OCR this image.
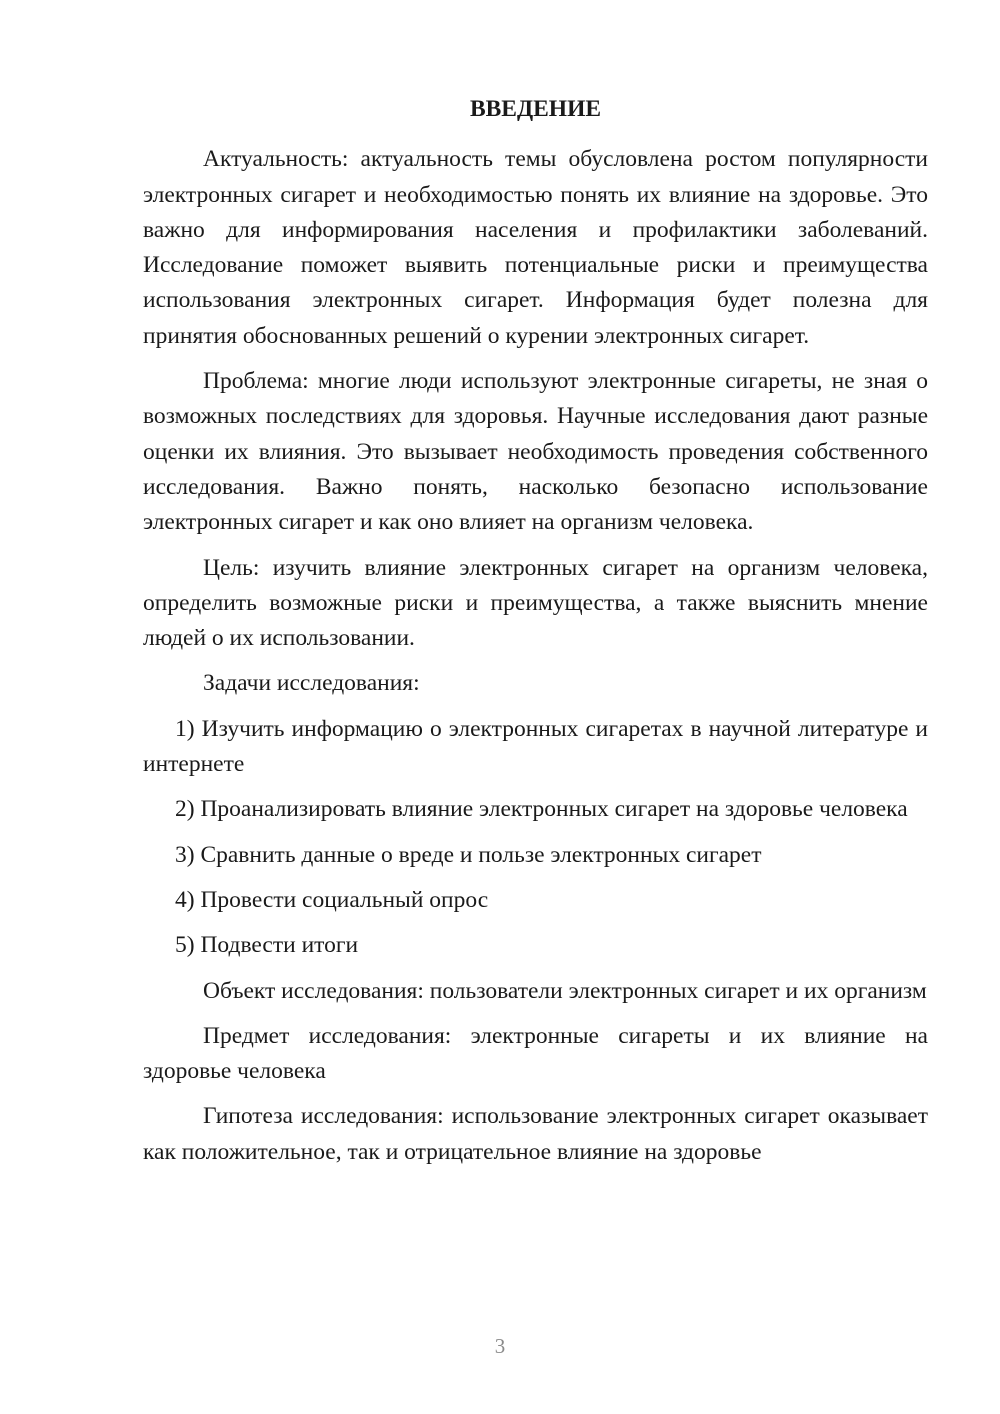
ВВЕДЕНИЕ

Актуальность: актуальность темы обусловлена ростом популярности электронных сигарет и необходимостью понять их влияние на здоровье. Это важно для информирования населения и профилактики заболеваний. Исследование поможет выявить потенциальные риски и преимущества использования электронных сигарет. Информация будет полезна для принятия обоснованных решений о курении электронных сигарет.

Проблема: многие люди используют электронные сигареты, не зная о возможных последствиях для здоровья. Научные исследования дают разные оценки их влияния. Это вызывает необходимость проведения собственного исследования. Важно понять, насколько безопасно использование электронных сигарет и как оно влияет на организм человека.

Цель: изучить влияние электронных сигарет на организм человека, определить возможные риски и преимущества, а также выяснить мнение людей о их использовании.

Задачи исследования:

1) Изучить информацию о электронных сигаретах в научной литературе и интернете

2) Проанализировать влияние электронных сигарет на здоровье человека

3) Сравнить данные о вреде и пользе электронных сигарет

4) Провести социальный опрос

5) Подвести итоги

Объект исследования: пользователи электронных сигарет и их организм

Предмет исследования: электронные сигареты и их влияние на здоровье человека

Гипотеза исследования: использование электронных сигарет оказывает как положительное, так и отрицательное влияние на здоровье

3
